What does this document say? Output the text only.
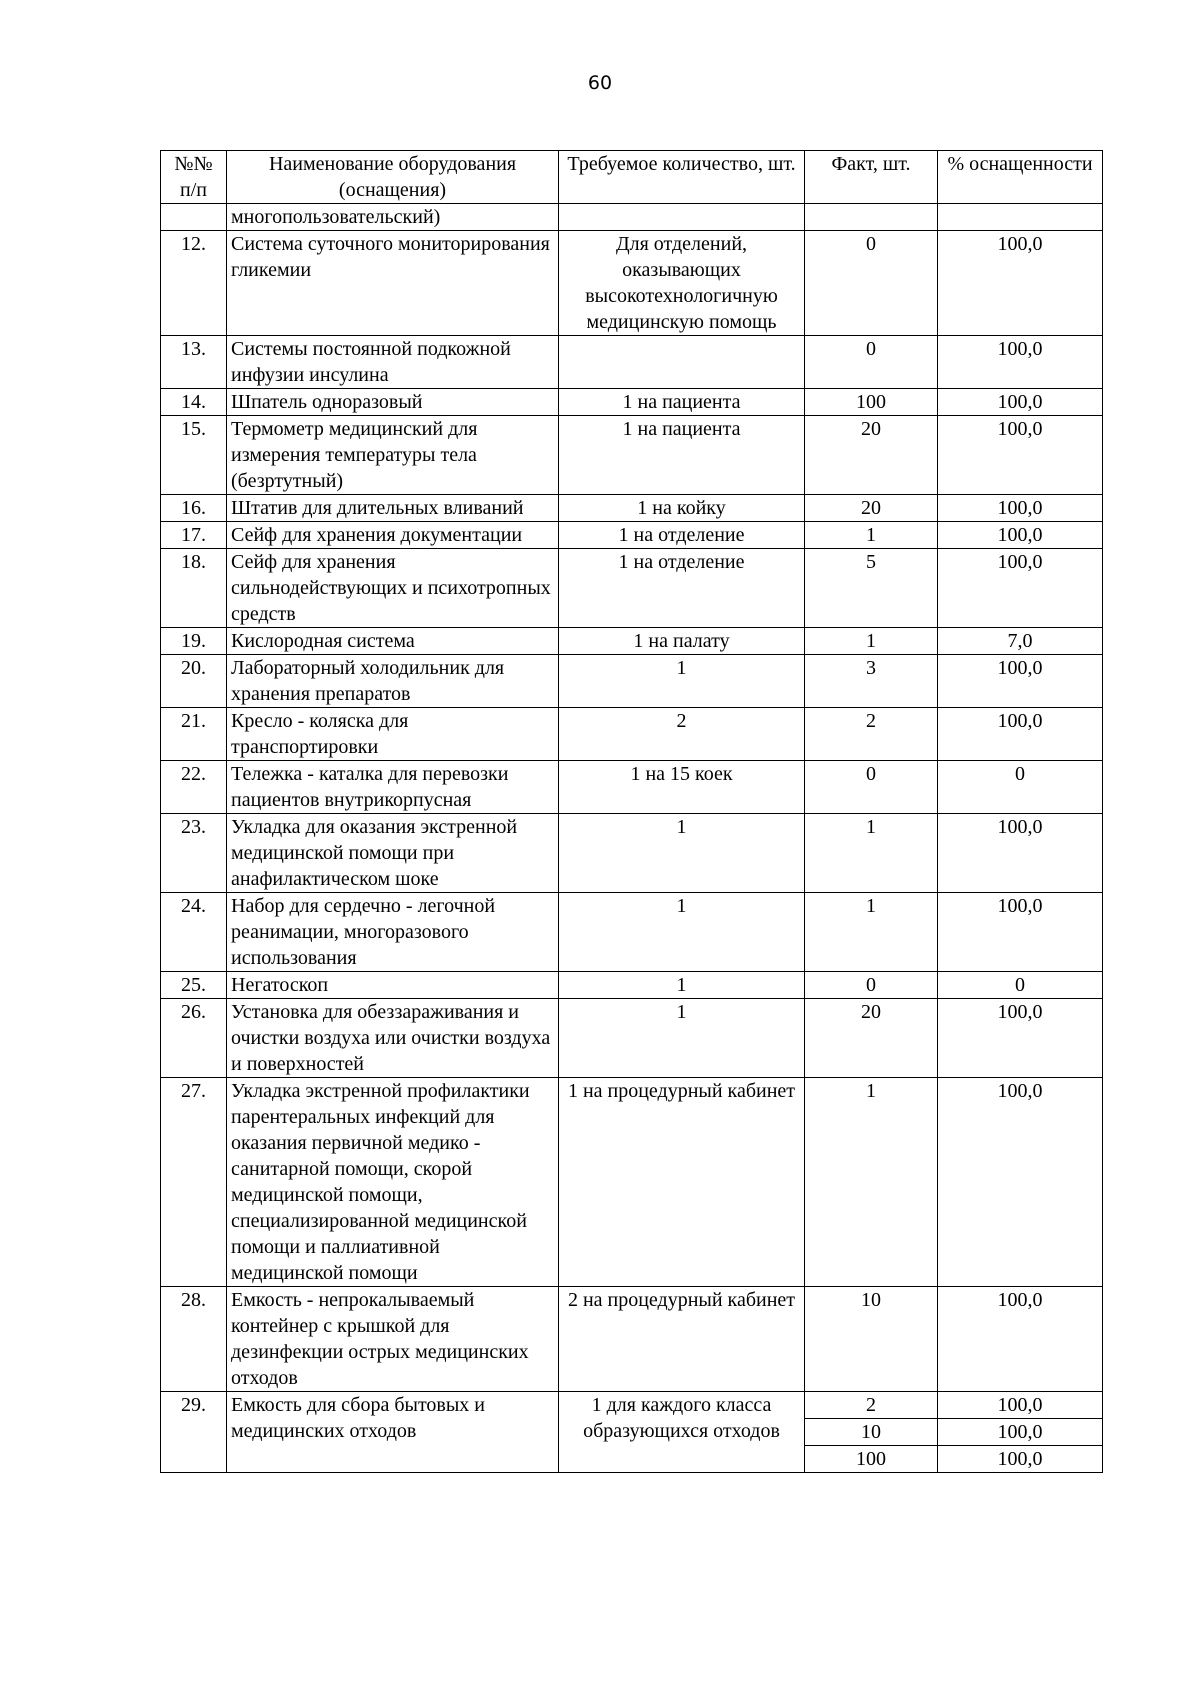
60
№№ п/п	Наименование оборудования (оснащения)	Требуемое количество, шт.	Факт, шт.	% оснащенности
	многопользовательский)			
12.	Система суточного мониторирования гликемии	Для отделений, оказывающих высокотехнологичную медицинскую помощь	0	100,0
13.	Системы постоянной подкожной инфузии инсулина		0	100,0
14.	Шпатель одноразовый	1 на пациента	100	100,0
15.	Термометр медицинский для измерения температуры тела (безртутный)	1 на пациента	20	100,0
16.	Штатив для длительных вливаний	1 на койку	20	100,0
17.	Сейф для хранения документации	1 на отделение	1	100,0
18.	Сейф для хранения сильнодействующих и психотропных средств	1 на отделение	5	100,0
19.	Кислородная система	1 на палату	1	7,0
20.	Лабораторный холодильник для хранения препаратов	1	3	100,0
21.	Кресло - коляска для транспортировки	2	2	100,0
22.	Тележка - каталка для перевозки пациентов внутрикорпусная	1 на 15 коек	0	0
23.	Укладка для оказания экстренной медицинской помощи при анафилактическом шоке	1	1	100,0
24.	Набор для сердечно - легочной реанимации, многоразового использования	1	1	100,0
25.	Негатоскоп	1	0	0
26.	Установка для обеззараживания и очистки воздуха или очистки воздуха и поверхностей	1	20	100,0
27.	Укладка экстренной профилактики парентеральных инфекций для оказания первичной медико - санитарной помощи, скорой медицинской помощи, специализированной медицинской помощи и паллиативной медицинской помощи	1 на процедурный кабинет	1	100,0
28.	Емкость - непрокалываемый контейнер с крышкой для дезинфекции острых медицинских отходов	2 на процедурный кабинет	10	100,0
29.	Емкость для сбора бытовых и медицинских отходов	1 для каждого класса образующихся отходов	2	100,0
			10	100,0
			100	100,0
